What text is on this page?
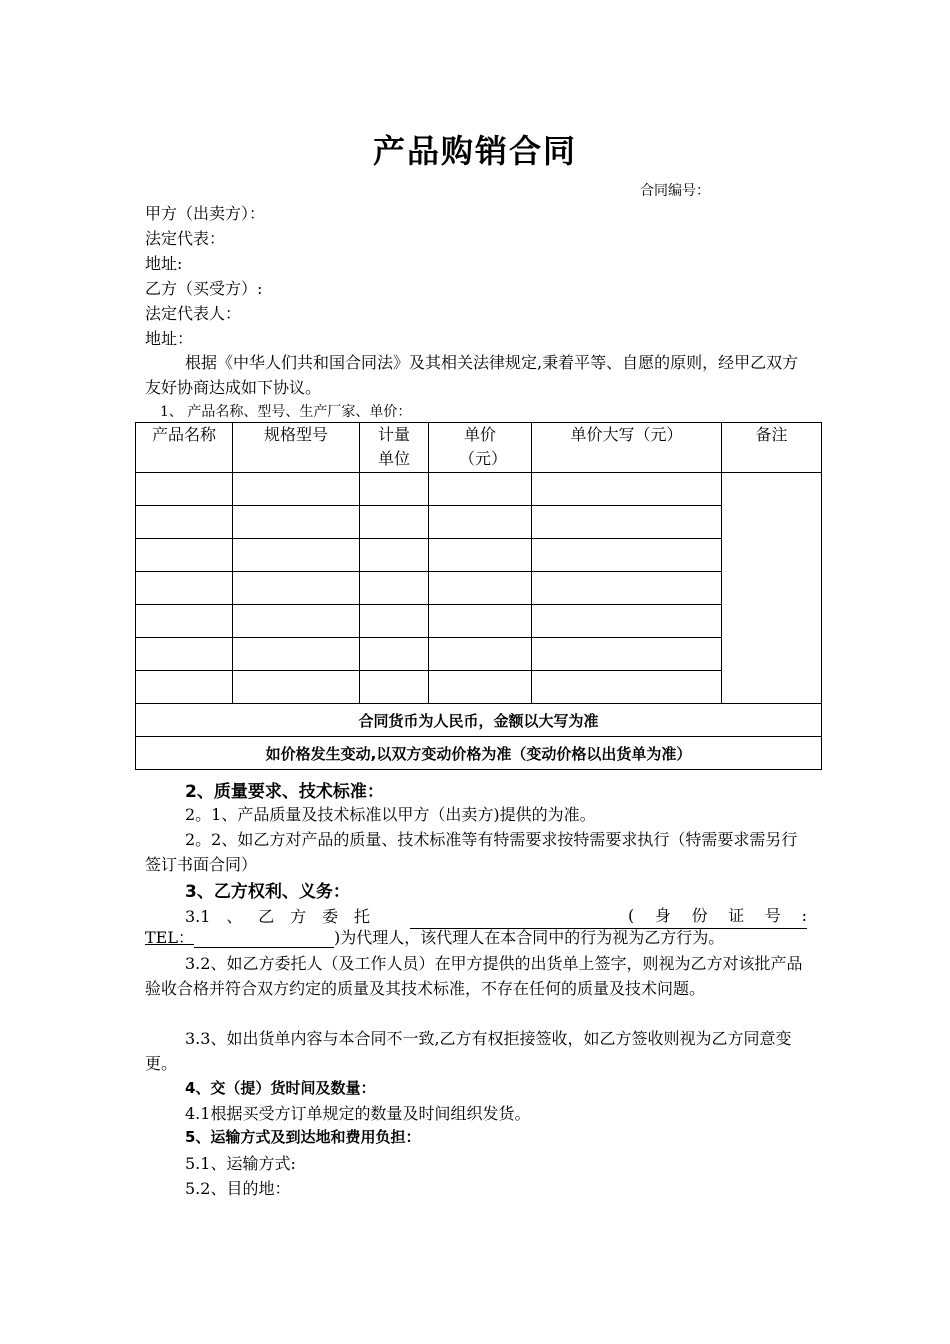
产品购销合同
合同编号：
甲方（出卖方）：
法定代表：
地址:
乙方（买受方）:
法定代表人：
地址：
根据《中华人们共和国合同法》及其相关法律规定,秉着平等、自愿的原则，经甲乙双方友好协商达成如下协议。
1、 产品名称、型号、生产厂家、单价：
产品名称	规格型号	计量单位	单价（元）	单价大写（元）	备注

合同货币为人民币，金额以大写为准					
如价格发生变动,以双方变动价格为准（变动价格以出货单为准）					
2、质量要求、技术标准：
2。1、产品质量及技术标准以甲方（出卖方)提供的为准。
2。2、如乙方对产品的质量、技术标准等有特需要求按特需要求执行（特需要求需另行签订书面合同）
3、乙方权利、义务：
3.1 、 乙 方 委 托	( 身 份 证 号 :
TEL：	)为代理人，该代理人在本合同中的行为视为乙方行为。
3.2、如乙方委托人（及工作人员）在甲方提供的出货单上签字，则视为乙方对该批产品验收合格并符合双方约定的质量及其技术标准，不存在任何的质量及技术问题。
3.3、如出货单内容与本合同不一致,乙方有权拒接签收，如乙方签收则视为乙方同意变更。
4、交（提）货时间及数量：
4.1根据买受方订单规定的数量及时间组织发货。
5、运输方式及到达地和费用负担：
5.1、运输方式:
5.2、目的地：
